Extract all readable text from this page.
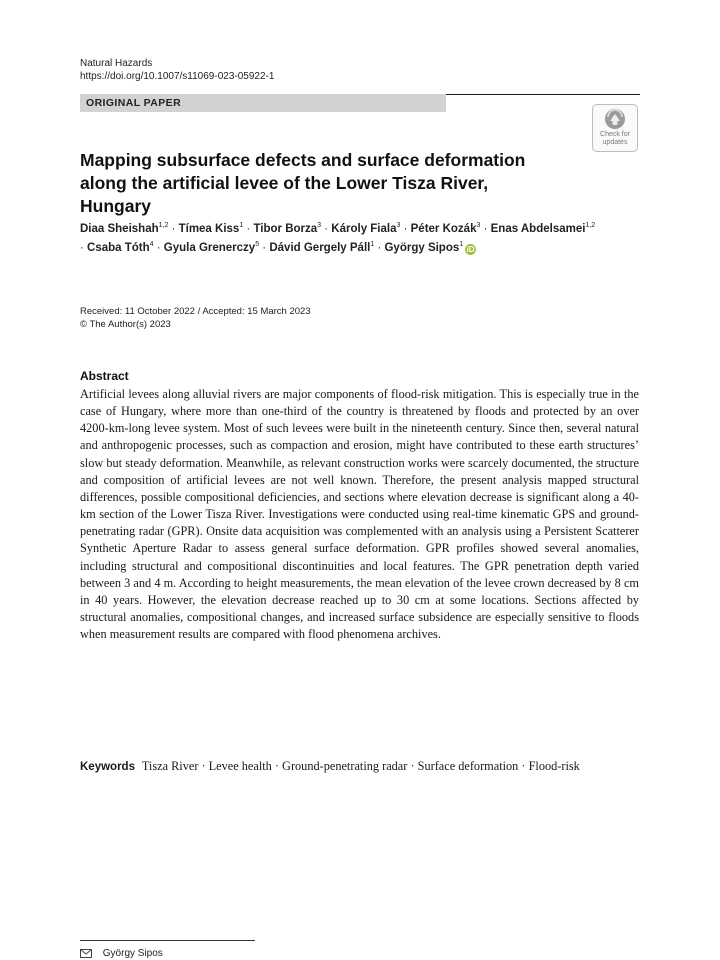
Natural Hazards
https://doi.org/10.1007/s11069-023-05922-1
ORIGINAL PAPER
Check for
updates
Mapping subsurface defects and surface deformation along the artificial levee of the Lower Tisza River, Hungary
Diaa Sheishah$^{1,2}$ · Tímea Kiss$^1$ · Tibor Borza$^3$ · Károly Fiala$^3$ · Péter Kozák$^3$ · Enas Abdelsamei$^{1,2}$ · Csaba Tóth$^4$ · Gyula Grenerczy$^5$ · Dávid Gergely Páll$^1$ · György Sipos$^1$iD
Received: 11 October 2022 / Accepted: 15 March 2023
© The Author(s) 2023
Abstract

Artificial levees along alluvial rivers are major components of flood-risk mitigation. This is especially true in the case of Hungary, where more than one-third of the country is threatened by floods and protected by an over 4200-km-long levee system. Most of such levees were built in the nineteenth century. Since then, several natural and anthropogenic processes, such as compaction and erosion, might have contributed to these earth structures’ slow but steady deformation. Meanwhile, as relevant construction works were scarcely documented, the structure and composition of artificial levees are not well known. Therefore, the present analysis mapped structural differences, possible compositional deficiencies, and sections where elevation decrease is significant along a 40-km section of the Lower Tisza River. Investigations were conducted using real-time kinematic GPS and ground-penetrating radar (GPR). Onsite data acquisition was complemented with an analysis using a Persistent Scatterer Synthetic Aperture Radar to assess general surface deformation. GPR profiles showed several anomalies, including structural and compositional discontinuities and local features. The GPR penetration depth varied between 3 and 4 m. According to height measurements, the mean elevation of the levee crown decreased by 8 cm in 40 years. However, the elevation decrease reached up to 30 cm at some locations. Sections affected by structural anomalies, compositional changes, and increased surface subsidence are especially sensitive to floods when measurement results are compared with flood phenomena archives.

Keywords Tisza River · Levee health · Ground-penetrating radar · Surface deformation · Flood-risk
György Sipos
